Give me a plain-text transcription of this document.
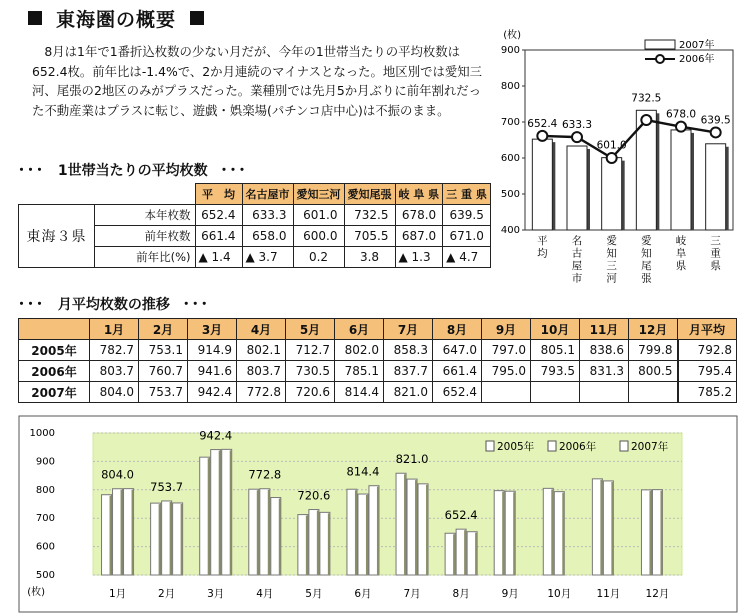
東海圏の概要

8月は1年で1番折込枚数の少ない月だが、今年の1世帯当たりの平均枚数は652.4枚。前年比は-1.4%で、2か月連続のマイナスとなった。地区別では愛知三河、尾張の2地区のみがプラスだった。業種別では先月5か月ぶりに前年割れだった不動産業はプラスに転じ、遊戯・娯楽場(パチンコ店中心)は不振のまま。

･･･ 1世帯当たりの平均枚数 ･･･
		平　均	名古屋市	愛知三河	愛知尾張	岐 阜 県	三 重 県
東海３県	本年枚数	652.4	633.3	601.0	732.5	678.0	639.5
	前年枚数	661.4	658.0	600.0	705.5	687.0	671.0
	前年比(%)	▲ 1.4	▲ 3.7	0.2	3.8	▲ 1.3	▲ 4.7
･･･ 月平均枚数の推移 ･･･
	1月	2月	3月	4月	5月	6月	7月	8月	9月	10月	11月	12月	月平均
2005年	782.7	753.1	914.9	802.1	712.7	802.0	858.3	647.0	797.0	805.1	838.6	799.8	792.8
2006年	803.7	760.7	941.6	803.7	730.5	785.1	837.7	661.4	795.0	793.5	831.3	800.5	795.4
2007年	804.0	753.7	942.4	772.8	720.6	814.4	821.0	652.4					785.2
(枚)
900
800
700
600
500
400
652.4
平
均
633.3
名
古
屋
市
601.0
愛
知
三
河
732.5
愛
知
尾
張
678.0
岐
阜
県
639.5
三
重
県
2007年
2006年
1000
900
800
700
600
500
(枚)	1月	2月	3月	4月	5月	6月	7月	8月	9月	10月 11月 12月
804.0
753.7
942.4
772.8
720.6
814.4
821.0
652.4
2005年 2006年	2007年
